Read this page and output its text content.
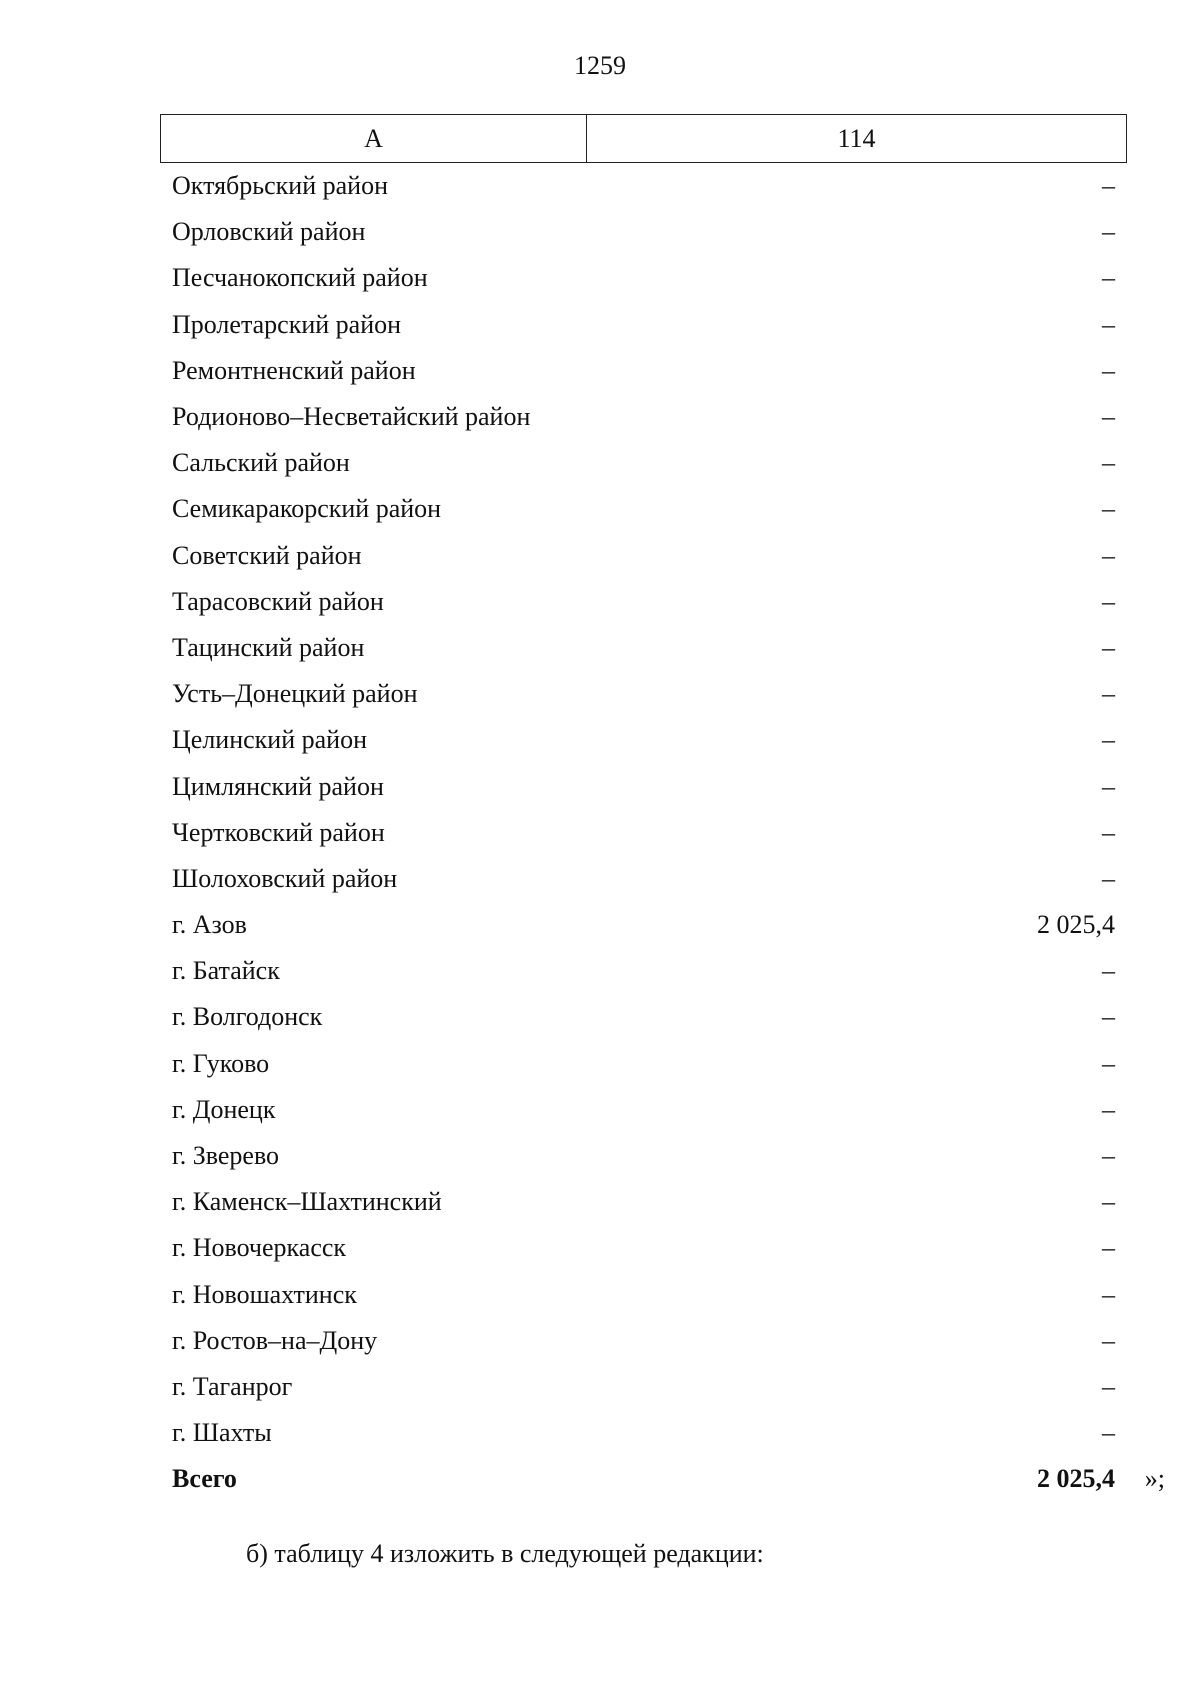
1259
А	114
Октябрьский район	–
Орловский район	–
Песчанокопский район	–
Пролетарский район	–
Ремонтненский район	–
Родионово–Несветайский район	–
Сальский район	–
Семикаракорский район	–
Советский район	–
Тарасовский район	–
Тацинский район	–
Усть–Донецкий район	–
Целинский район	–
Цимлянский район	–
Чертковский район	–
Шолоховский район	–
г. Азов	2 025,4
г. Батайск	–
г. Волгодонск	–
г. Гуково	–
г. Донецк	–
г. Зверево	–
г. Каменск–Шахтинский	–
г. Новочеркасск	–
г. Новошахтинск	–
г. Ростов–на–Дону	–
г. Таганрог	–
г. Шахты	–
Всего	2 025,4	»;
б) таблицу 4 изложить в следующей редакции:
